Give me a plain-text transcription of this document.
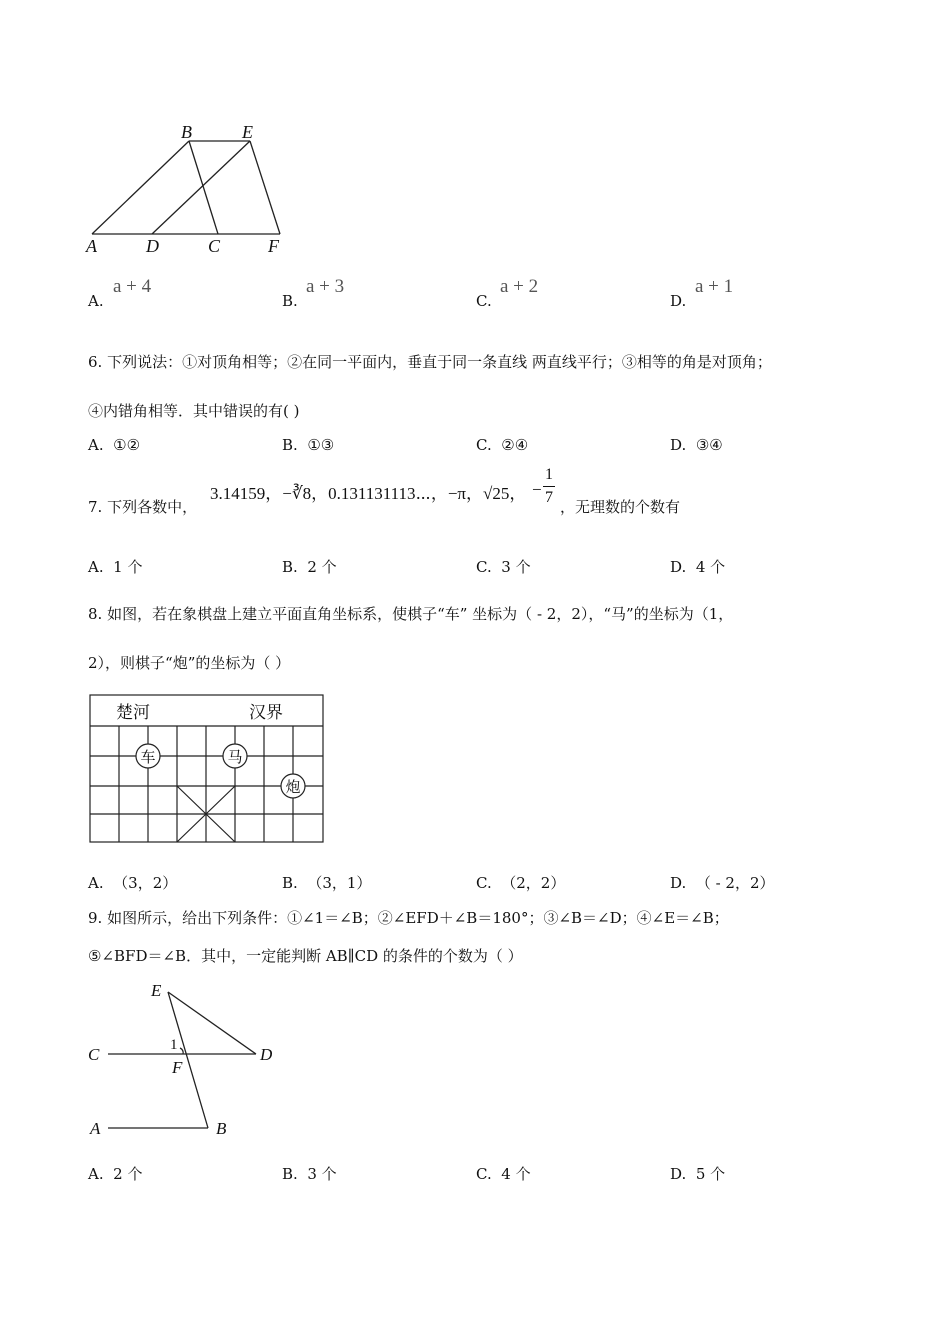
B	E
A	D	C	F
A.
a + 4
B.
a + 3
C.
a + 2
D.
a + 1
6. 下列说法：①对顶角相等；②在同一平面内，垂直于同一条直线 两直线平行；③相等的角是对顶角；
④内错角相等．其中错误的有( )
A. ①②	B. ①③	C. ②④	D. ③④
7. 下列各数中，
3.14159，−∛8，0.131131113⋯，−π，√25， −
1
7
，无理数的个数有
A. 1 个	B. 2 个	C. 3 个	D. 4 个
8. 如图，若在象棋盘上建立平面直角坐标系，使棋子“车” 坐标为（ - 2，2），“马”的坐标为（1，
2），则棋子“炮”的坐标为（ ）
楚河	汉界
车	马
炮
A. （3，2）	B. （3，1）	C. （2，2）	D. （ - 2，2）
9. 如图所示，给出下列条件：①∠1＝∠B；②∠EFD＋∠B＝180°；③∠B＝∠D；④∠E＝∠B；
⑤∠BFD＝∠B．其中，一定能判断 AB∥CD 的条件的个数为（ ）
E
C	1
F
D
A	B
A. 2 个	B. 3 个	C. 4 个	D. 5 个
